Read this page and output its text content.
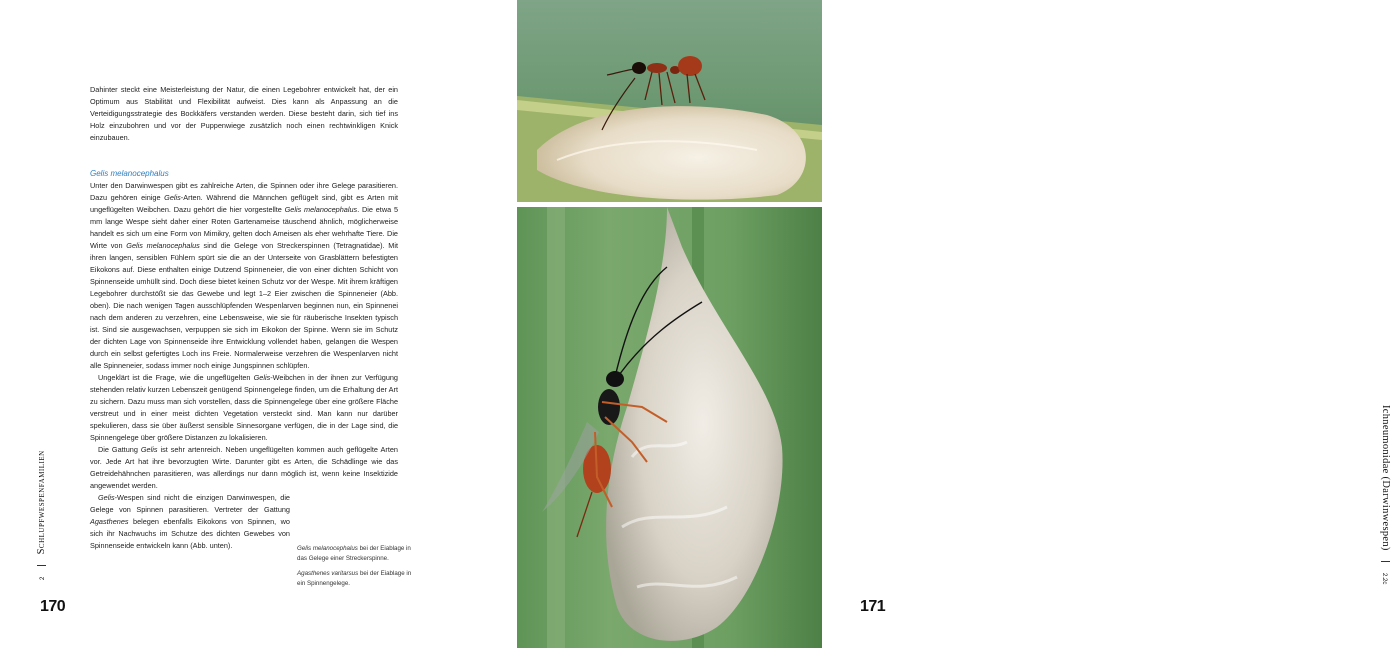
Dahinter steckt eine Meisterleistung der Natur, die einen Legebohrer entwickelt hat, der ein Optimum aus Stabilität und Flexibilität aufweist. Dies kann als Anpassung an die Verteidigungsstrategie des Bockkäfers verstanden werden. Diese besteht darin, sich tief ins Holz einzubohren und vor der Puppenwiege zusätzlich noch einen rechtwinkligen Knick einzubauen.

Gelis melanocephalus

Unter den Darwinwespen gibt es zahlreiche Arten, die Spinnen oder ihre Gelege parasitieren. Dazu gehören einige Gelis-Arten. Während die Männchen geflügelt sind, gibt es Arten mit ungeflügelten Weibchen. Dazu gehört die hier vorgestellte Gelis melanocephalus. Die etwa 5 mm lange Wespe sieht daher einer Roten Gartenameise täuschend ähnlich, möglicherweise handelt es sich um eine Form von Mimikry, gelten doch Ameisen als eher wehrhafte Tiere. Die Wirte von Gelis melanocephalus sind die Gelege von Streckerspinnen (Tetragnatidae). Mit ihren langen, sensiblen Fühlern spürt sie die an der Unterseite von Grasblättern befestigten Eikokons auf. Diese enthalten einige Dutzend Spinneneier, die von einer dichten Schicht von Spinnenseide umhüllt sind. Doch diese bietet keinen Schutz vor der Wespe. Mit ihrem kräftigen Legebohrer durchstößt sie das Gewebe und legt 1–2 Eier zwischen die Spinneneier (Abb. oben). Die nach wenigen Tagen ausschlüpfenden Wespenlarven beginnen nun, ein Spinnenei nach dem anderen zu verzehren, eine Lebensweise, wie sie für räuberische Insekten typisch ist. Sind sie ausgewachsen, verpuppen sie sich im Eikokon der Spinne. Wenn sie im Schutz der dichten Lage von Spinnenseide ihre Entwicklung vollendet haben, gelangen die Wespen durch ein selbst gefertigtes Loch ins Freie. Normalerweise verzehren die Wespenlarven nicht alle Spinneneier, sodass immer noch einige Jungspinnen schlüpfen.

Ungeklärt ist die Frage, wie die ungeflügelten Gelis-Weibchen in der ihnen zur Verfügung stehenden relativ kurzen Lebenszeit genügend Spinnengelege finden, um die Erhaltung der Art zu sichern. Dazu muss man sich vorstellen, dass die Spinnengelege über eine größere Fläche verstreut und in einer meist dichten Vegetation versteckt sind. Man kann nur darüber spekulieren, dass sie über äußerst sensible Sinnesorgane verfügen, die in der Lage sind, die Spinnengelege über größere Distanzen zu lokalisieren.

Die Gattung Gelis ist sehr artenreich. Neben ungeflügelten kommen auch geflügelte Arten vor. Jede Art hat ihre bevorzugten Wirte. Darunter gibt es Arten, die Schädlinge wie das Getreidehähnchen parasitieren, was allerdings nur dann möglich ist, wenn keine Insektizide angewendet werden.

Gelis-Wespen sind nicht die einzigen Darwinwespen, die Gelege von Spinnen parasitieren. Vertreter der Gattung Agasthenes belegen ebenfalls Eikokons von Spinnen, wo sich ihr Nachwuchs im Schutze des dichten Gewebes von Spinnenseide entwickeln kann (Abb. unten).	Gelis melanocephalus bei der Eiablage in das Gelege einer Streckerspinne.

Agasthenes varitarsus bei der Eiablage in ein Spinnengelege.

2  Schlupfwespenfamilien
170
Ichneumonidae (Darwinwespen)  2.2c
171
